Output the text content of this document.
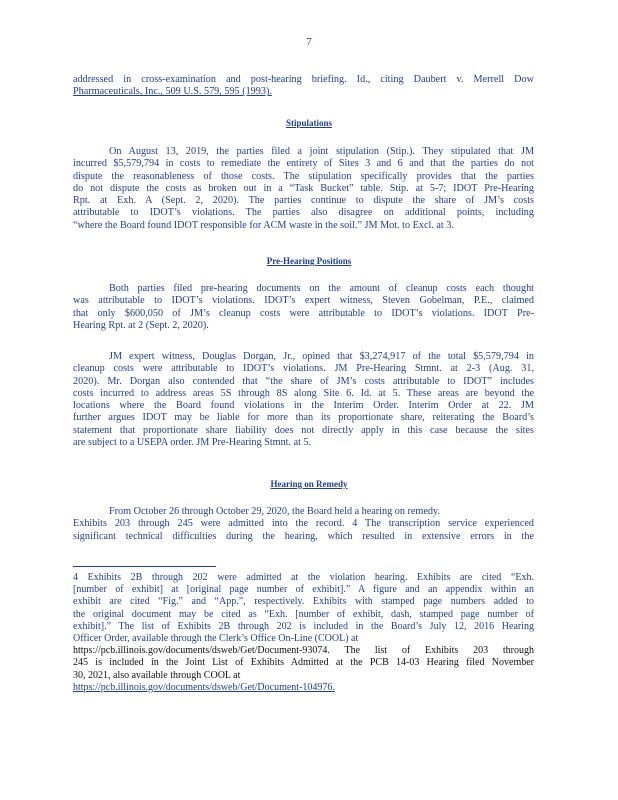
7
addressed in cross-examination and post-hearing briefing. Id., citing Daubert v. Merrell Dow
Pharmaceuticals, Inc., 509 U.S. 579, 595 (1993).
Stipulations
On August 13, 2019, the parties filed a joint stipulation (Stip.). They stipulated that JM
incurred $5,579,794 in costs to remediate the entirety of Sites 3 and 6 and that the parties do not
dispute the reasonableness of those costs. The stipulation specifically provides that the parties
do not dispute the costs as broken out in a “Task Bucket” table. Stip. at 5-7; IDOT Pre-Hearing
Rpt. at Exh. A (Sept. 2, 2020). The parties continue to dispute the share of JM’s costs
attributable to IDOT’s violations. The parties also disagree on additional points, including
“where the Board found IDOT responsible for ACM waste in the soil.” JM Mot. to Excl. at 3.
Pre-Hearing Positions
Both parties filed pre-hearing documents on the amount of cleanup costs each thought
was attributable to IDOT’s violations. IDOT’s expert witness, Steven Gobelman, P.E., claimed
that only $600,050 of JM’s cleanup costs were attributable to IDOT’s violations. IDOT Pre-
Hearing Rpt. at 2 (Sept. 2, 2020).
JM expert witness, Douglas Dorgan, Jr., opined that $3,274,917 of the total $5,579,794 in
cleanup costs were attributable to IDOT’s violations. JM Pre-Hearing Stmnt. at 2-3 (Aug. 31,
2020). Mr. Dorgan also contended that “the share of JM’s costs attributable to IDOT” includes
costs incurred to address areas 5S through 8S along Site 6. Id. at 5. These areas are beyond the
locations where the Board found violations in the Interim Order. Interim Order at 22. JM
further argues IDOT may be liable for more than its proportionate share, reiterating the Board’s
statement that proportionate share liability does not directly apply in this case because the sites
are subject to a USEPA order. JM Pre-Hearing Stmnt. at 5.
Hearing on Remedy
From October 26 through October 29, 2020, the Board held a hearing on remedy.
Exhibits 203 through 245 were admitted into the record. 4 The transcription service experienced
significant technical difficulties during the hearing, which resulted in extensive errors in the
4 Exhibits 2B through 202 were admitted at the violation hearing. Exhibits are cited “Exh.
[number of exhibit] at [original page number of exhibit].” A figure and an appendix within an
exhibit are cited “Fig.” and “App.”, respectively. Exhibits with stamped page numbers added to
the original document may be cited as “Exh. [number of exhibit, dash, stamped page number of
exhibit].” The list of Exhibits 2B through 202 is included in the Board’s July 12, 2016 Hearing
Officer Order, available through the Clerk’s Office On-Line (COOL) at
https://pcb.illinois.gov/documents/dsweb/Get/Document-93074. The list of Exhibits 203 through
245 is included in the Joint List of Exhibits Admitted at the PCB 14-03 Hearing filed November
30, 2021, also available through COOL at
https://pcb.illinois.gov/documents/dsweb/Get/Document-104976.
